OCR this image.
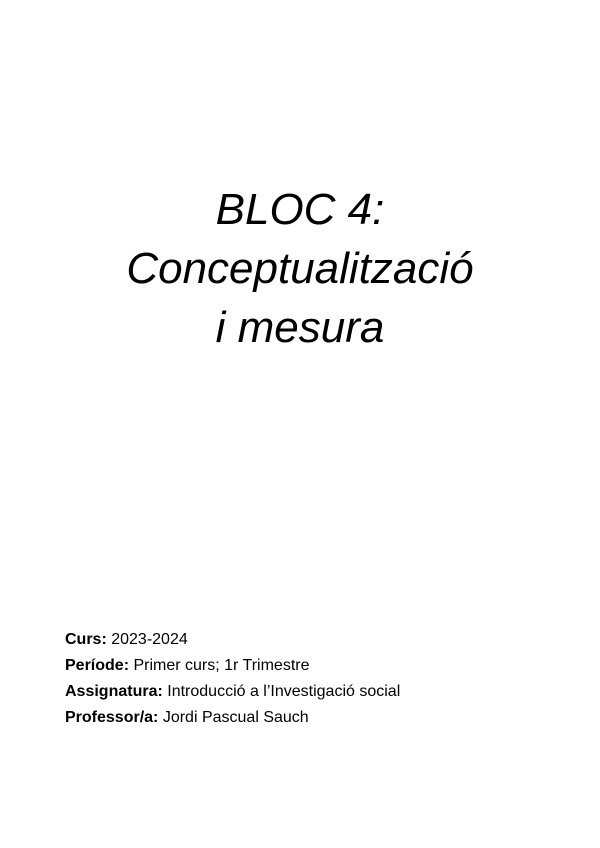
BLOC 4:
Conceptualització
i mesura
Curs: 2023-2024
Període: Primer curs; 1r Trimestre
Assignatura: Introducció a l’Investigació social
Professor/a: Jordi Pascual Sauch
